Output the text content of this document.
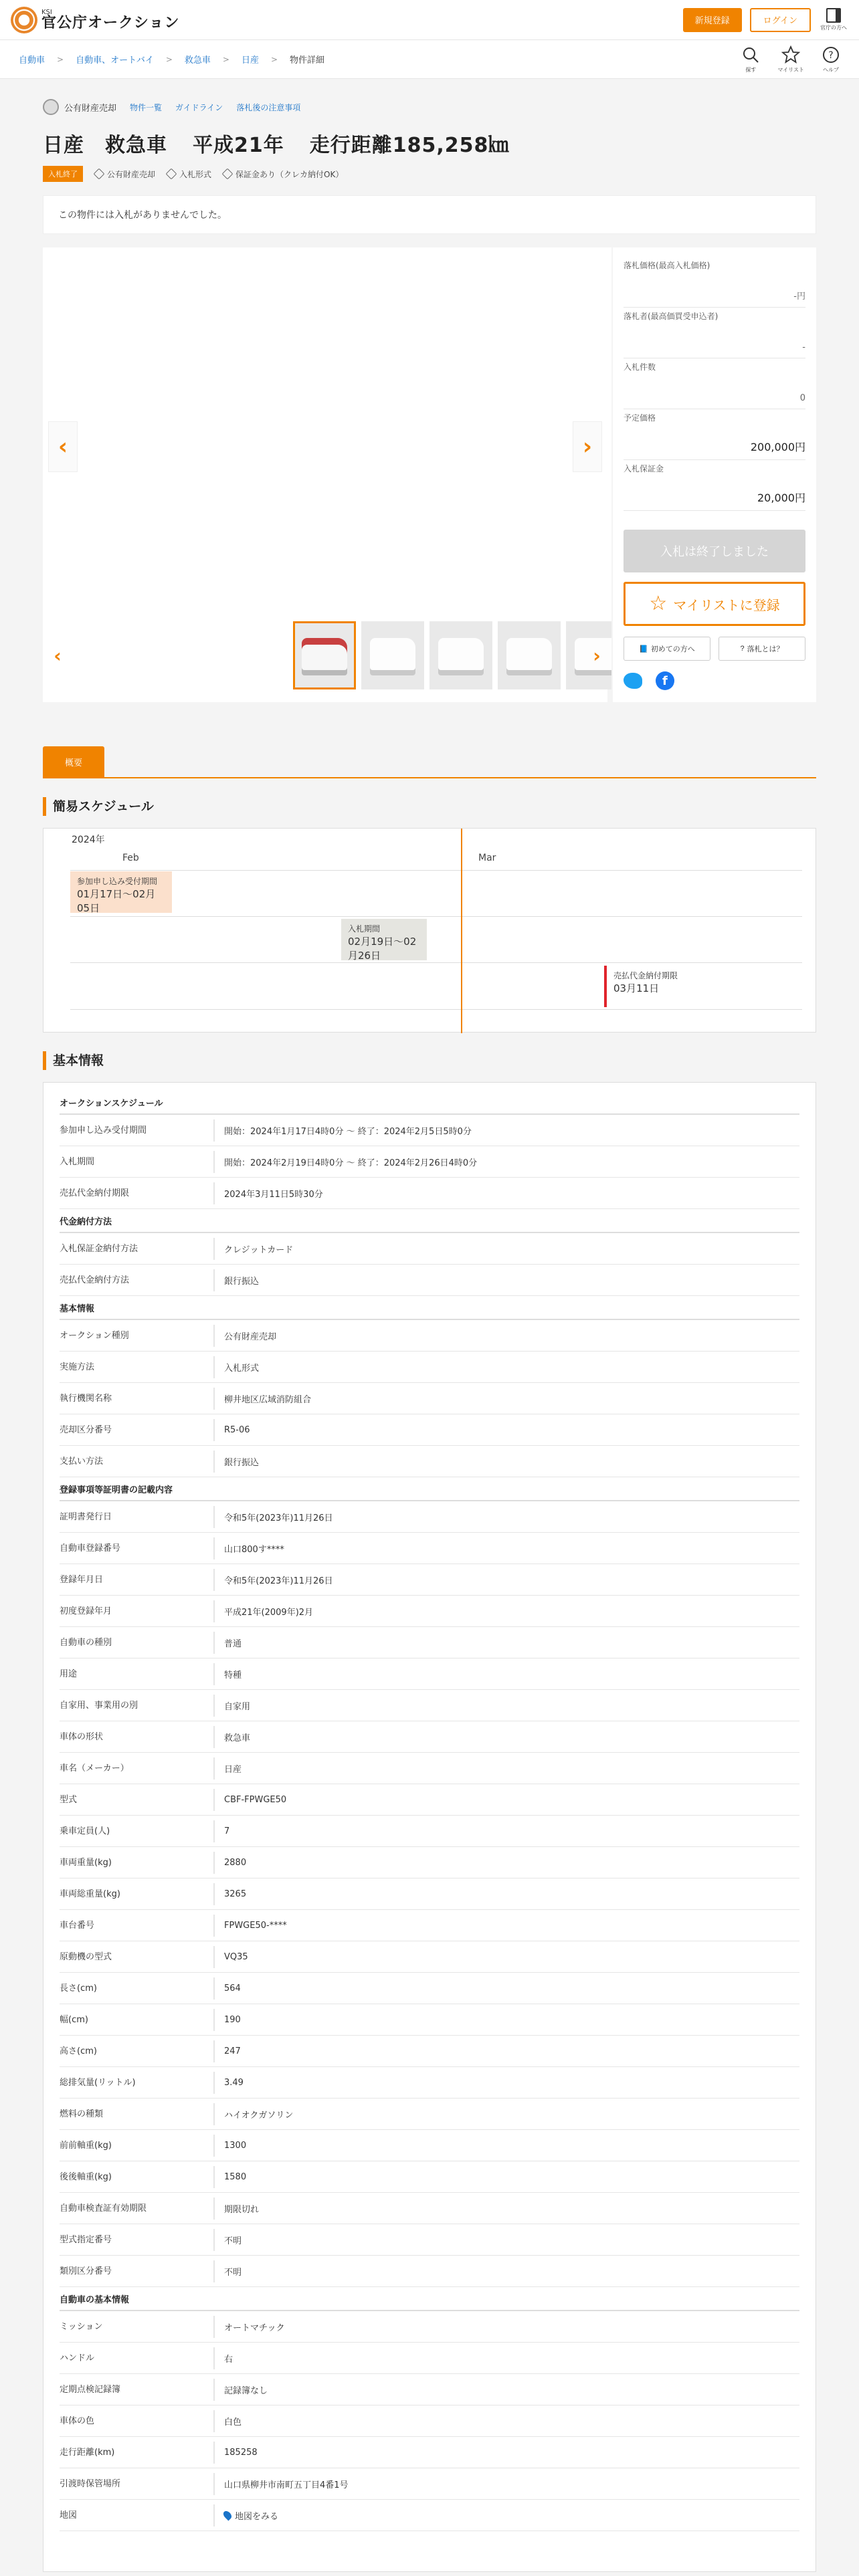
KSI
官公庁オークション	新規登録	ログイン
官庁の方へ
自動車 > 自動車、オートバイ > 救急車 > 日産 > 物件詳細
探す	マイリスト
?
ヘルプ
公有財産売却 物件一覧 ガイドライン 落札後の注意事項
日産　救急車 平成21年 走行距離185,258㎞
入札終了	公有財産売却	入札形式	保証金あり（クレカ納付OK）
この物件には入札がありませんでした。
‹	›
‹	›
落札価格(最高入札価格)
-円
落札者(最高価買受申込者)
-
入札件数
0
予定価格
200,000円
入札保証金
20,000円
入札は終了しました
☆ マイリストに登録
📘 初めての方へ	? 落札とは？
f
概要
簡易スケジュール
2024年
Feb	Mar
参加申し込み受付期間
01月17日～02月05日
入札期間
02月19日～02月26日
売払代金納付期限
03月11日
基本情報
オークションスケジュール
参加申し込み受付期間	開始：2024年1月17日4時0分 〜 終了：2024年2月5日5時0分
入札期間	開始：2024年2月19日4時0分 〜 終了：2024年2月26日4時0分
売払代金納付期限	2024年3月11日5時30分
代金納付方法
入札保証金納付方法	クレジットカード
売払代金納付方法	銀行振込
基本情報
オークション種別	公有財産売却
実施方法	入札形式
執行機関名称	柳井地区広域消防組合
売却区分番号	R5-06
支払い方法	銀行振込
登録事項等証明書の記載内容
証明書発行日	令和5年(2023年)11月26日
自動車登録番号	山口800す****
登録年月日	令和5年(2023年)11月26日
初度登録年月	平成21年(2009年)2月
自動車の種別	普通
用途	特種
自家用、事業用の別	自家用
車体の形状	救急車
車名（メーカー）	日産
型式	CBF-FPWGE50
乗車定員(人)	7
車両重量(kg)	2880
車両総重量(kg)	3265
車台番号	FPWGE50-****
原動機の型式	VQ35
長さ(cm)	564
幅(cm)	190
高さ(cm)	247
総排気量(リットル)	3.49
燃料の種類	ハイオクガソリン
前前軸重(kg)	1300
後後軸重(kg)	1580
自動車検査証有効期限	期限切れ
型式指定番号	不明
類別区分番号	不明
自動車の基本情報
ミッション	オートマチック
ハンドル	右
定期点検記録簿	記録簿なし
車体の色	白色
走行距離(km)	185258
引渡時保管場所	山口県柳井市南町五丁目4番1号
地図	地図をみる
